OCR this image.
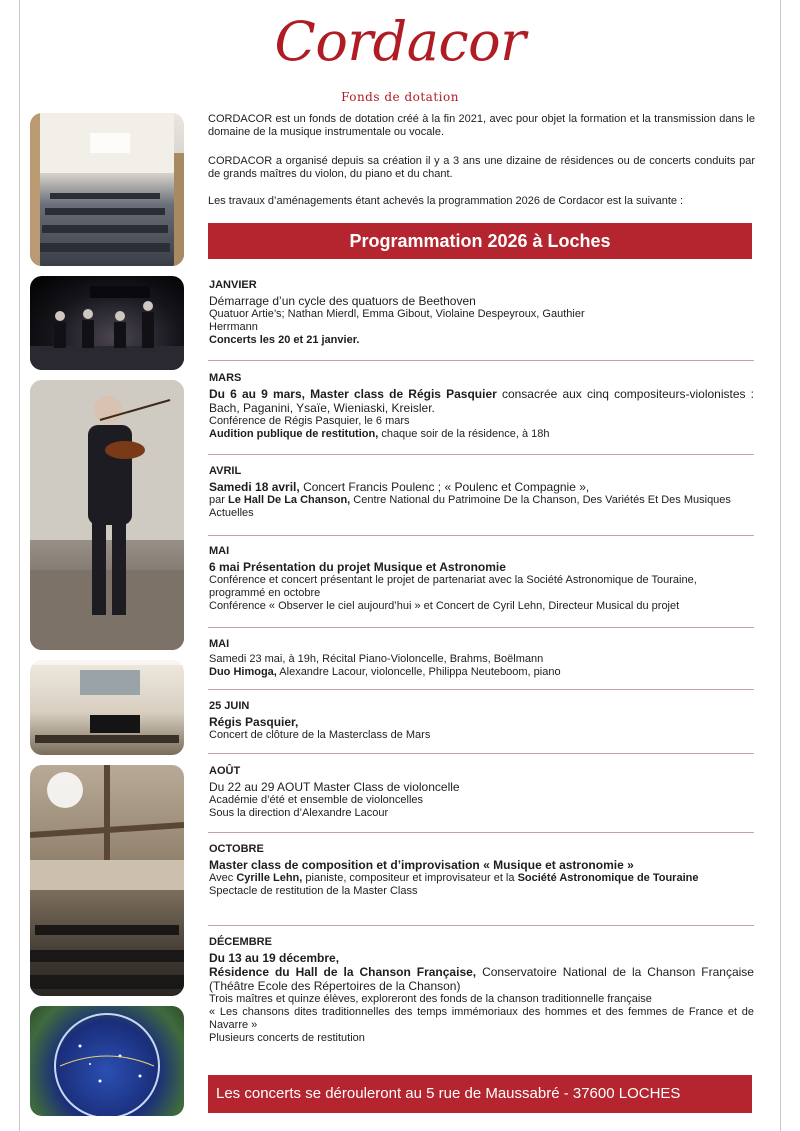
Cordacor
Fonds de dotation

CORDACOR est un fonds de dotation créé à la fin 2021, avec pour objet la formation et la transmission dans le domaine de la musique instrumentale ou vocale.

CORDACOR a organisé depuis sa création il y a 3 ans une dizaine de résidences ou de concerts conduits par de grands maîtres du violon, du piano et du chant.

Les travaux d’aménagements étant achevés la programmation 2026 de Cordacor est la suivante :

Programmation 2026 à Loches
JANVIER

Démarrage d’un cycle des quatuors de Beethoven

Quatuor Artie’s; Nathan Mierdl, Emma Gibout, Violaine Despeyroux, Gauthier

Herrmann

Concerts les 20 et 21 janvier.

MARS

Du 6 au 9 mars, Master class de Régis Pasquier consacrée aux cinq compositeurs-violonistes : Bach, Paganini, Ysaïe, Wieniaski, Kreisler.

Conférence de Régis Pasquier, le 6 mars

Audition publique de restitution, chaque soir de la résidence, à 18h

AVRIL

Samedi 18 avril, Concert Francis Poulenc ; « Poulenc et Compagnie »,

par Le Hall De La Chanson, Centre National du Patrimoine De la Chanson, Des Variétés Et Des Musiques Actuelles

MAI

6 mai Présentation du projet Musique et Astronomie

Conférence et concert présentant le projet de partenariat avec la Société Astronomique de Touraine, programmé en octobre

Conférence « Observer le ciel aujourd’hui » et Concert de Cyril Lehn, Directeur Musical du projet

MAI

Samedi 23 mai, à 19h, Récital Piano-Violoncelle, Brahms, Boëlmann

Duo Himoga, Alexandre Lacour, violoncelle, Philippa Neuteboom, piano

25 JUIN

Régis Pasquier,

Concert de clôture de la Masterclass de Mars

AOÛT

Du 22 au 29 AOUT Master Class de violoncelle

Académie d’été et ensemble de violoncelles

Sous la direction d’Alexandre Lacour

OCTOBRE

Master class de composition et d’improvisation « Musique et astronomie »

Avec Cyrille Lehn, pianiste, compositeur et improvisateur et la Société Astronomique de Touraine

Spectacle de restitution de la Master Class

DÉCEMBRE

Du 13 au 19 décembre,

Résidence du Hall de la Chanson Française, Conservatoire National de la Chanson Française (Théâtre Ecole des Répertoires de la Chanson)

Trois maîtres et quinze élèves, exploreront des fonds de la chanson traditionnelle française

« Les chansons dites traditionnelles des temps immémoriaux des hommes et des femmes de France et de Navarre »

Plusieurs concerts de restitution

Les concerts se dérouleront au 5 rue de Maussabré - 37600 LOCHES
